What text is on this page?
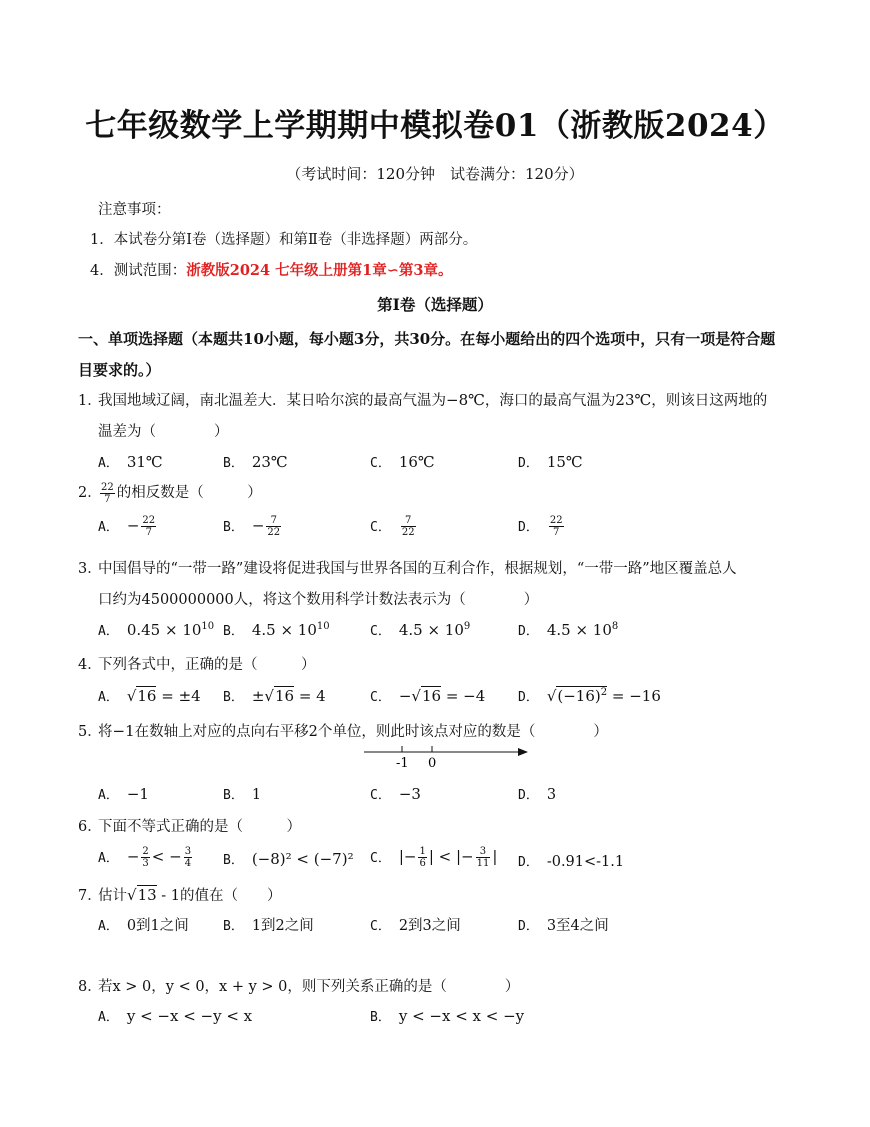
七年级数学上学期期中模拟卷01（浙教版2024）
（考试时间：120分钟　试卷满分：120分）
注意事项：
1．本试卷分第Ⅰ卷（选择题）和第Ⅱ卷（非选择题）两部分。
4．测试范围：浙教版2024 七年级上册第1章∽第3章。
第Ⅰ卷（选择题）
一、单项选择题（本题共10小题，每小题3分，共30分。在每小题给出的四个选项中，只有一项是符合题
目要求的。）
1．我国地域辽阔，南北温差大．某日哈尔滨的最高气温为−8℃，海口的最高气温为23℃，则该日这两地的
温差为（　　　　）
A． 31℃	B． 23℃	C． 16℃	D． 15℃
2．
$\frac{22}{7}$ 的相反数是（　　　）
A． − $\frac{22}{7}$	B． − $\frac{7}{22}$	C． $\frac{7}{22}$	D． $\frac{22}{7}$
3．中国倡导的“一带一路”建设将促进我国与世界各国的互利合作，根据规划，“一带一路”地区覆盖总人
口约为4500000000人，将这个数用科学计数法表示为（　　　　）
A． $0.45 \times 10^{10}$ B． $4.5 \times 10^{10}$	C． $4.5 \times 10^9$	D． $4.5 \times 10^8$
4．下列各式中，正确的是（　　　）
A． √16 = ±4 B． ±√16 = 4	C． −√16 = −4	D． $√(-16)^2 = -16$
5．将−1在数轴上对应的点向右平移2个单位，则此时该点对应的数是（　　　　）
-1 0
A． −1	B． 1	C． −3	D． 3
6．下面不等式正确的是（　　　）
A． − $\frac{2}{3}$ < − $\frac{3}{4}$ B． (−8)² < (−7)² C． |− $\frac{1}{6}$ | < |− $\frac{3}{11}$ | D． -0.91<-1.1
7．估计√13 - 1的值在（　　）
A． 0到1之间	B． 1到2之间	C． 2到3之间	D． 3至4之间
8．若x > 0，y < 0，x + y > 0，则下列关系正确的是（　　　　）
A． y < −x < −y < x	B． y < −x < x < −y
